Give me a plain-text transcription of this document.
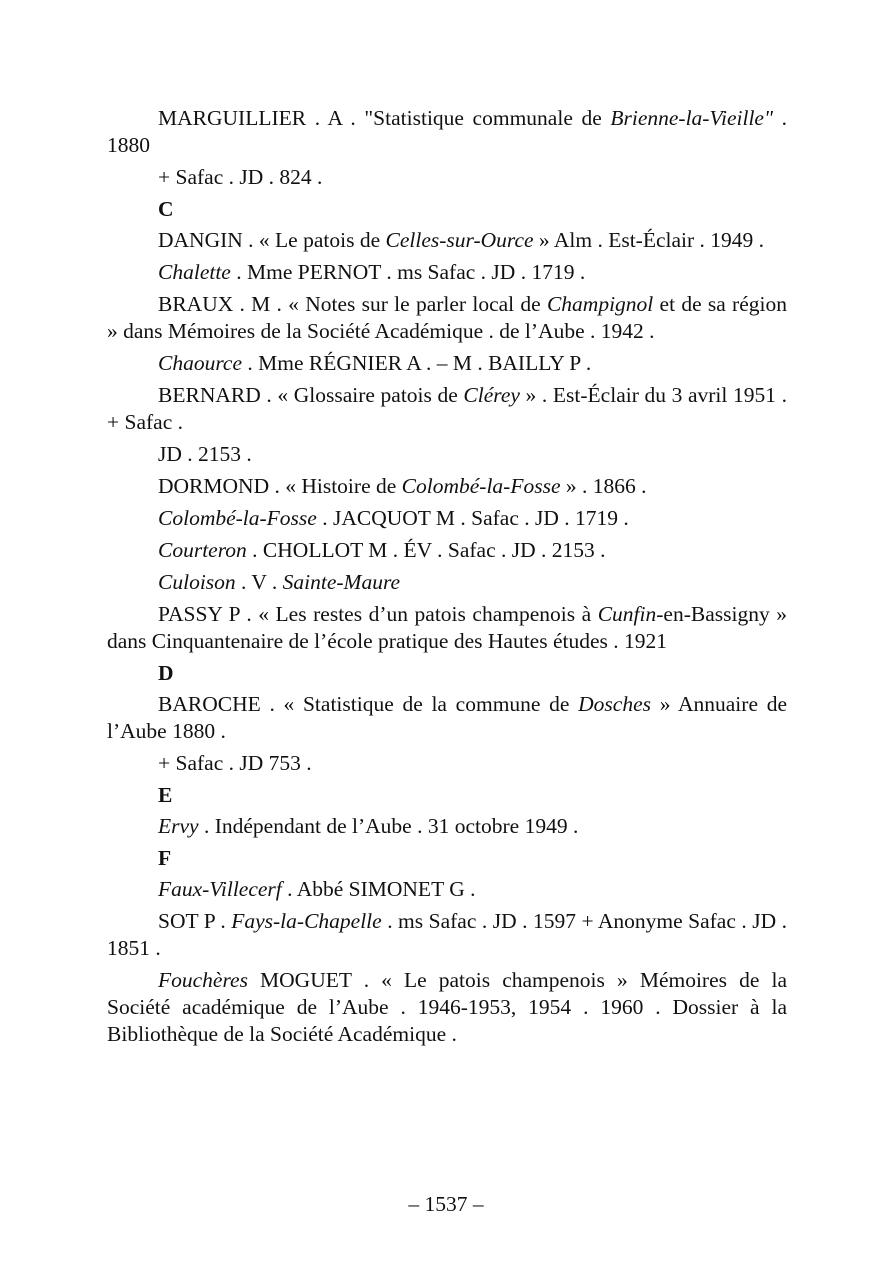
MARGUILLIER . A . "Statistique communale de Brienne-la-Vieille" . 1880
+ Safac . JD . 824 .
C
DANGIN . « Le patois de Celles-sur-Ource » Alm . Est-Éclair . 1949 .
Chalette . Mme PERNOT . ms Safac . JD . 1719 .
BRAUX . M . « Notes sur le parler local de Champignol et de sa région » dans Mémoires de la Société Académique . de l’Aube . 1942 .
Chaource . Mme RÉGNIER A . – M . BAILLY P .
BERNARD . « Glossaire patois de Clérey » . Est-Éclair du 3 avril 1951 . + Safac .
JD . 2153 .
DORMOND . « Histoire de Colombé-la-Fosse » . 1866 .
Colombé-la-Fosse . JACQUOT M . Safac . JD . 1719 .
Courteron . CHOLLOT M . ÉV . Safac . JD . 2153 .
Culoison . V . Sainte-Maure
PASSY P . « Les restes d’un patois champenois à Cunfin-en-Bassigny » dans Cinquantenaire de l’école pratique des Hautes études . 1921
D
BAROCHE . « Statistique de la commune de Dosches » Annuaire de l’Aube 1880 .
+ Safac . JD 753 .
E
Ervy . Indépendant de l’Aube . 31 octobre 1949 .
F
Faux-Villecerf . Abbé SIMONET G .
SOT P . Fays-la-Chapelle . ms Safac . JD . 1597 + Anonyme Safac . JD . 1851 .
Fouchères MOGUET . « Le patois champenois » Mémoires de la Société académique de l’Aube . 1946-1953, 1954 . 1960 . Dossier à la Bibliothèque de la Société Académique .
– 1537 –
